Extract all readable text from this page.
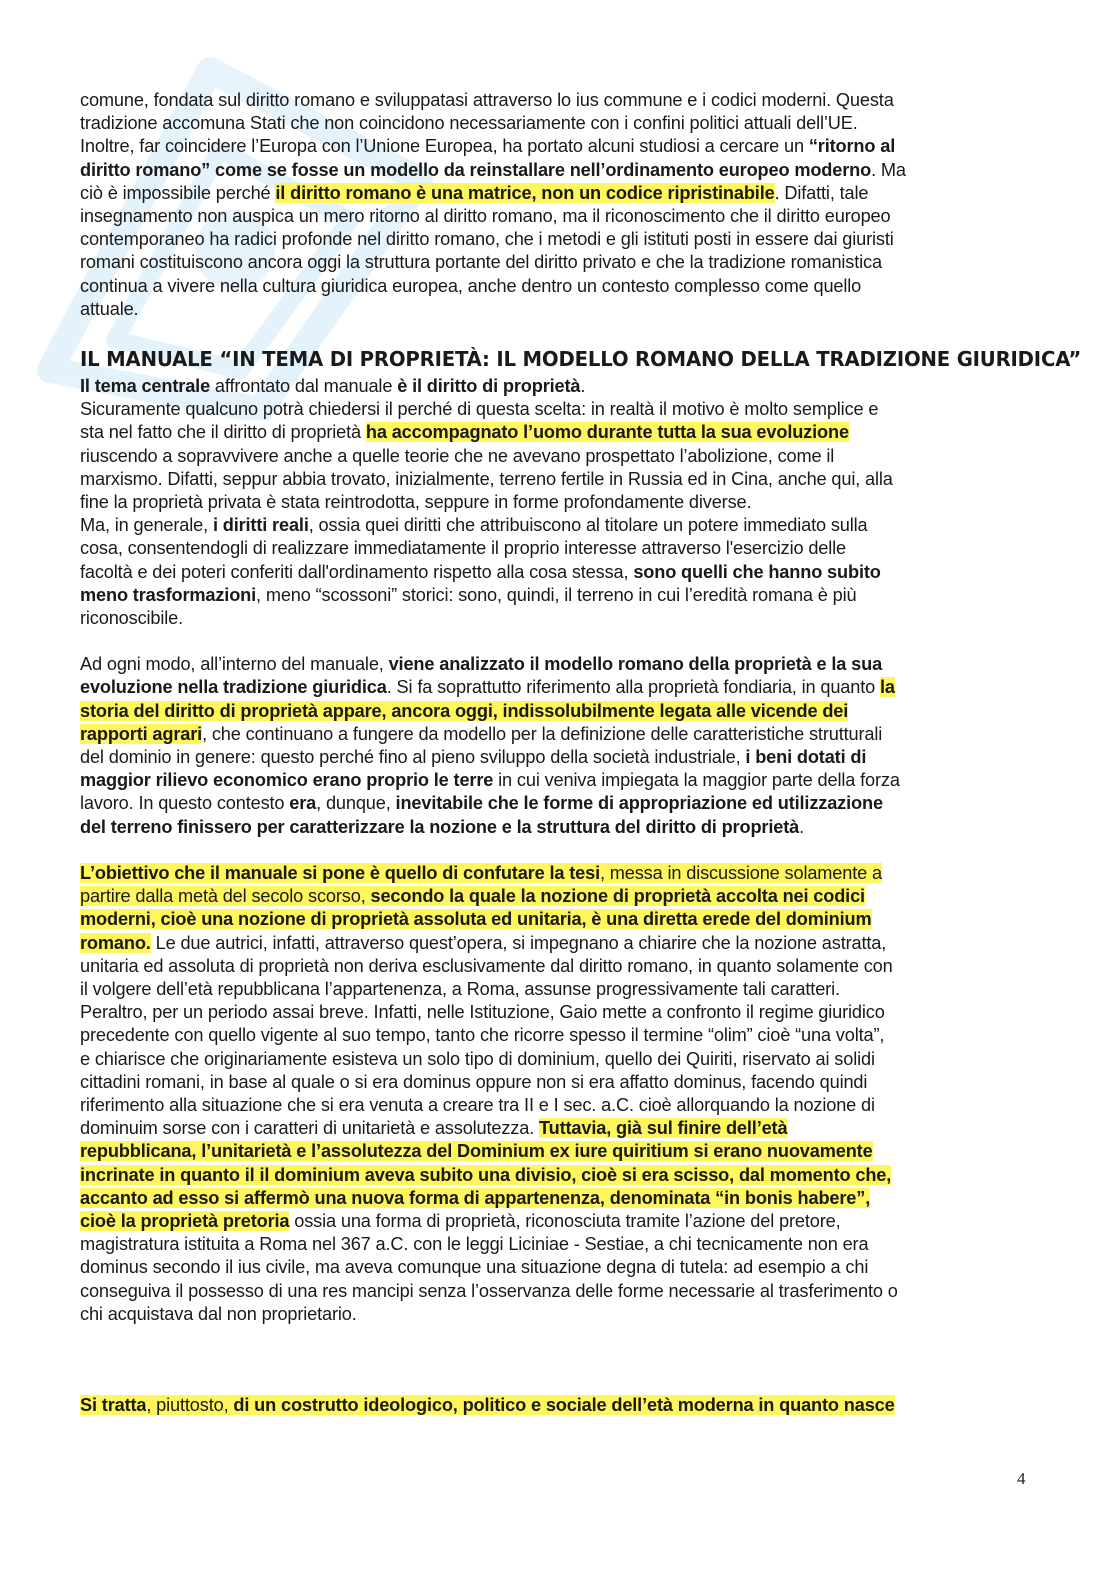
comune, fondata sul diritto romano e sviluppatasi attraverso lo ius commune e i codici moderni. Questa
tradizione accomuna Stati che non coincidono necessariamente con i confini politici attuali dell’UE.
Inoltre, far coincidere l’Europa con l’Unione Europea, ha portato alcuni studiosi a cercare un “ritorno al
diritto romano” come se fosse un modello da reinstallare nell’ordinamento europeo moderno. Ma
ciò è impossibile perché il diritto romano è una matrice, non un codice ripristinabile. Difatti, tale
insegnamento non auspica un mero ritorno al diritto romano, ma il riconoscimento che il diritto europeo
contemporaneo ha radici profonde nel diritto romano, che i metodi e gli istituti posti in essere dai giuristi
romani costituiscono ancora oggi la struttura portante del diritto privato e che la tradizione romanistica
continua a vivere nella cultura giuridica europea, anche dentro un contesto complesso come quello
attuale.

IL MANUALE “IN TEMA DI PROPRIETÀ: IL MODELLO ROMANO DELLA TRADIZIONE GIURIDICA”

Il tema centrale affrontato dal manuale è il diritto di proprietà.
Sicuramente qualcuno potrà chiedersi il perché di questa scelta: in realtà il motivo è molto semplice e
sta nel fatto che il diritto di proprietà ha accompagnato l’uomo durante tutta la sua evoluzione
riuscendo a sopravvivere anche a quelle teorie che ne avevano prospettato l’abolizione, come il
marxismo. Difatti, seppur abbia trovato, inizialmente, terreno fertile in Russia ed in Cina, anche qui, alla
fine la proprietà privata è stata reintrodotta, seppure in forme profondamente diverse.
Ma, in generale, i diritti reali, ossia quei diritti che attribuiscono al titolare un potere immediato sulla
cosa, consentendogli di realizzare immediatamente il proprio interesse attraverso l'esercizio delle
facoltà e dei poteri conferiti dall'ordinamento rispetto alla cosa stessa, sono quelli che hanno subito
meno trasformazioni, meno “scossoni” storici: sono, quindi, il terreno in cui l’eredità romana è più
riconoscibile.

Ad ogni modo, all’interno del manuale, viene analizzato il modello romano della proprietà e la sua
evoluzione nella tradizione giuridica. Si fa soprattutto riferimento alla proprietà fondiaria, in quanto la
storia del diritto di proprietà appare, ancora oggi, indissolubilmente legata alle vicende dei
rapporti agrari, che continuano a fungere da modello per la definizione delle caratteristiche strutturali
del dominio in genere: questo perché fino al pieno sviluppo della società industriale, i beni dotati di
maggior rilievo economico erano proprio le terre in cui veniva impiegata la maggior parte della forza
lavoro. In questo contesto era, dunque, inevitabile che le forme di appropriazione ed utilizzazione
del terreno finissero per caratterizzare la nozione e la struttura del diritto di proprietà.

L’obiettivo che il manuale si pone è quello di confutare la tesi, messa in discussione solamente a
partire dalla metà del secolo scorso, secondo la quale la nozione di proprietà accolta nei codici
moderni, cioè una nozione di proprietà assoluta ed unitaria, è una diretta erede del dominium
romano. Le due autrici, infatti, attraverso quest’opera, si impegnano a chiarire che la nozione astratta,
unitaria ed assoluta di proprietà non deriva esclusivamente dal diritto romano, in quanto solamente con
il volgere dell’età repubblicana l’appartenenza, a Roma, assunse progressivamente tali caratteri.
Peraltro, per un periodo assai breve. Infatti, nelle Istituzione, Gaio mette a confronto il regime giuridico
precedente con quello vigente al suo tempo, tanto che ricorre spesso il termine “olim” cioè “una volta”,
e chiarisce che originariamente esisteva un solo tipo di dominium, quello dei Quiriti, riservato ai solidi
cittadini romani, in base al quale o si era dominus oppure non si era affatto dominus, facendo quindi
riferimento alla situazione che si era venuta a creare tra II e I sec. a.C. cioè allorquando la nozione di
dominuim sorse con i caratteri di unitarietà e assolutezza. Tuttavia, già sul finire dell’età
repubblicana, l’unitarietà e l’assolutezza del Dominium ex iure quiritium si erano nuovamente
incrinate in quanto il il dominium aveva subito una divisio, cioè si era scisso, dal momento che,
accanto ad esso si affermò una nuova forma di appartenenza, denominata “in bonis habere”,
cioè la proprietà pretoria ossia una forma di proprietà, riconosciuta tramite l’azione del pretore,
magistratura istituita a Roma nel 367 a.C. con le leggi Liciniae - Sestiae, a chi tecnicamente non era
dominus secondo il ius civile, ma aveva comunque una situazione degna di tutela: ad esempio a chi
conseguiva il possesso di una res mancipi senza l’osservanza delle forme necessarie al trasferimento o
chi acquistava dal non proprietario.

Si tratta, piuttosto, di un costrutto ideologico, politico e sociale dell’età moderna in quanto nasce

4
